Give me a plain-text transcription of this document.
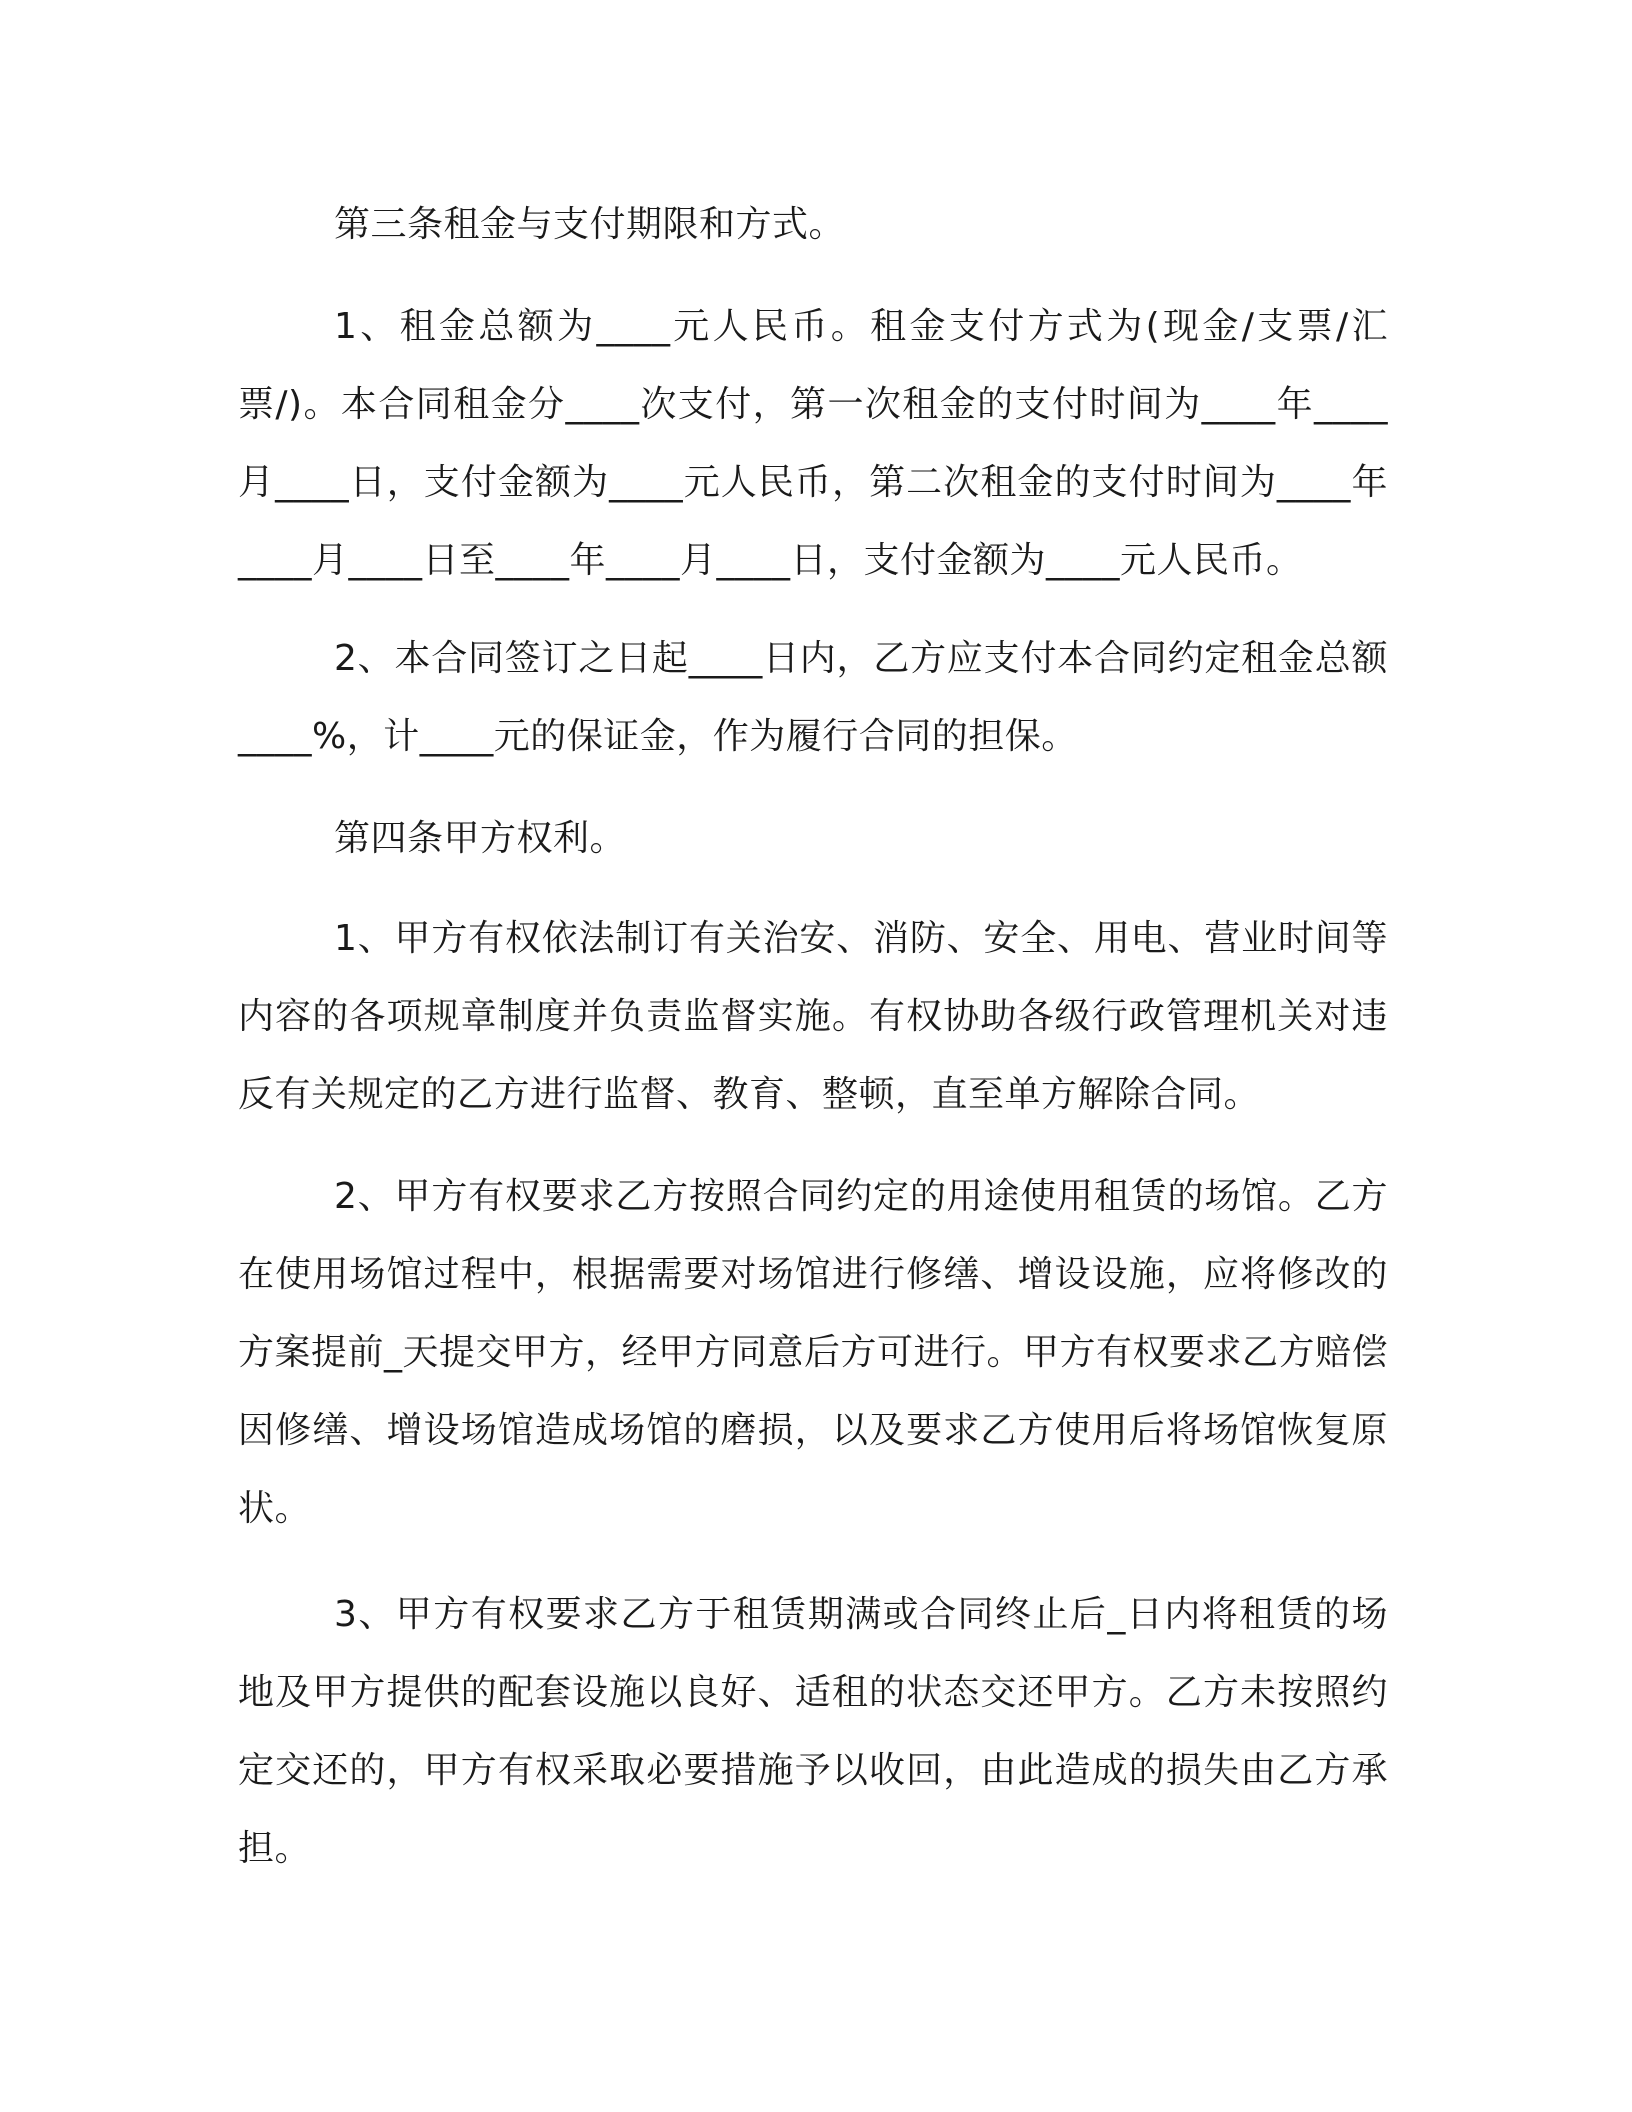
第三条租金与支付期限和方式。

1、租金总额为____元人民币。租金支付方式为(现金/支票/汇票/)。本合同租金分____次支付，第一次租金的支付时间为____年____月____日，支付金额为____元人民币，第二次租金的支付时间为____年____月____日至____年____月____日，支付金额为____元人民币。

2、本合同签订之日起____日内，乙方应支付本合同约定租金总额____%，计____元的保证金，作为履行合同的担保。

第四条甲方权利。

1、甲方有权依法制订有关治安、消防、安全、用电、营业时间等内容的各项规章制度并负责监督实施。有权协助各级行政管理机关对违反有关规定的乙方进行监督、教育、整顿，直至单方解除合同。

2、甲方有权要求乙方按照合同约定的用途使用租赁的场馆。乙方在使用场馆过程中，根据需要对场馆进行修缮、增设设施，应将修改的方案提前_天提交甲方，经甲方同意后方可进行。甲方有权要求乙方赔偿因修缮、增设场馆造成场馆的磨损，以及要求乙方使用后将场馆恢复原状。

3、甲方有权要求乙方于租赁期满或合同终止后_日内将租赁的场地及甲方提供的配套设施以良好、适租的状态交还甲方。乙方未按照约定交还的，甲方有权采取必要措施予以收回，由此造成的损失由乙方承担。
